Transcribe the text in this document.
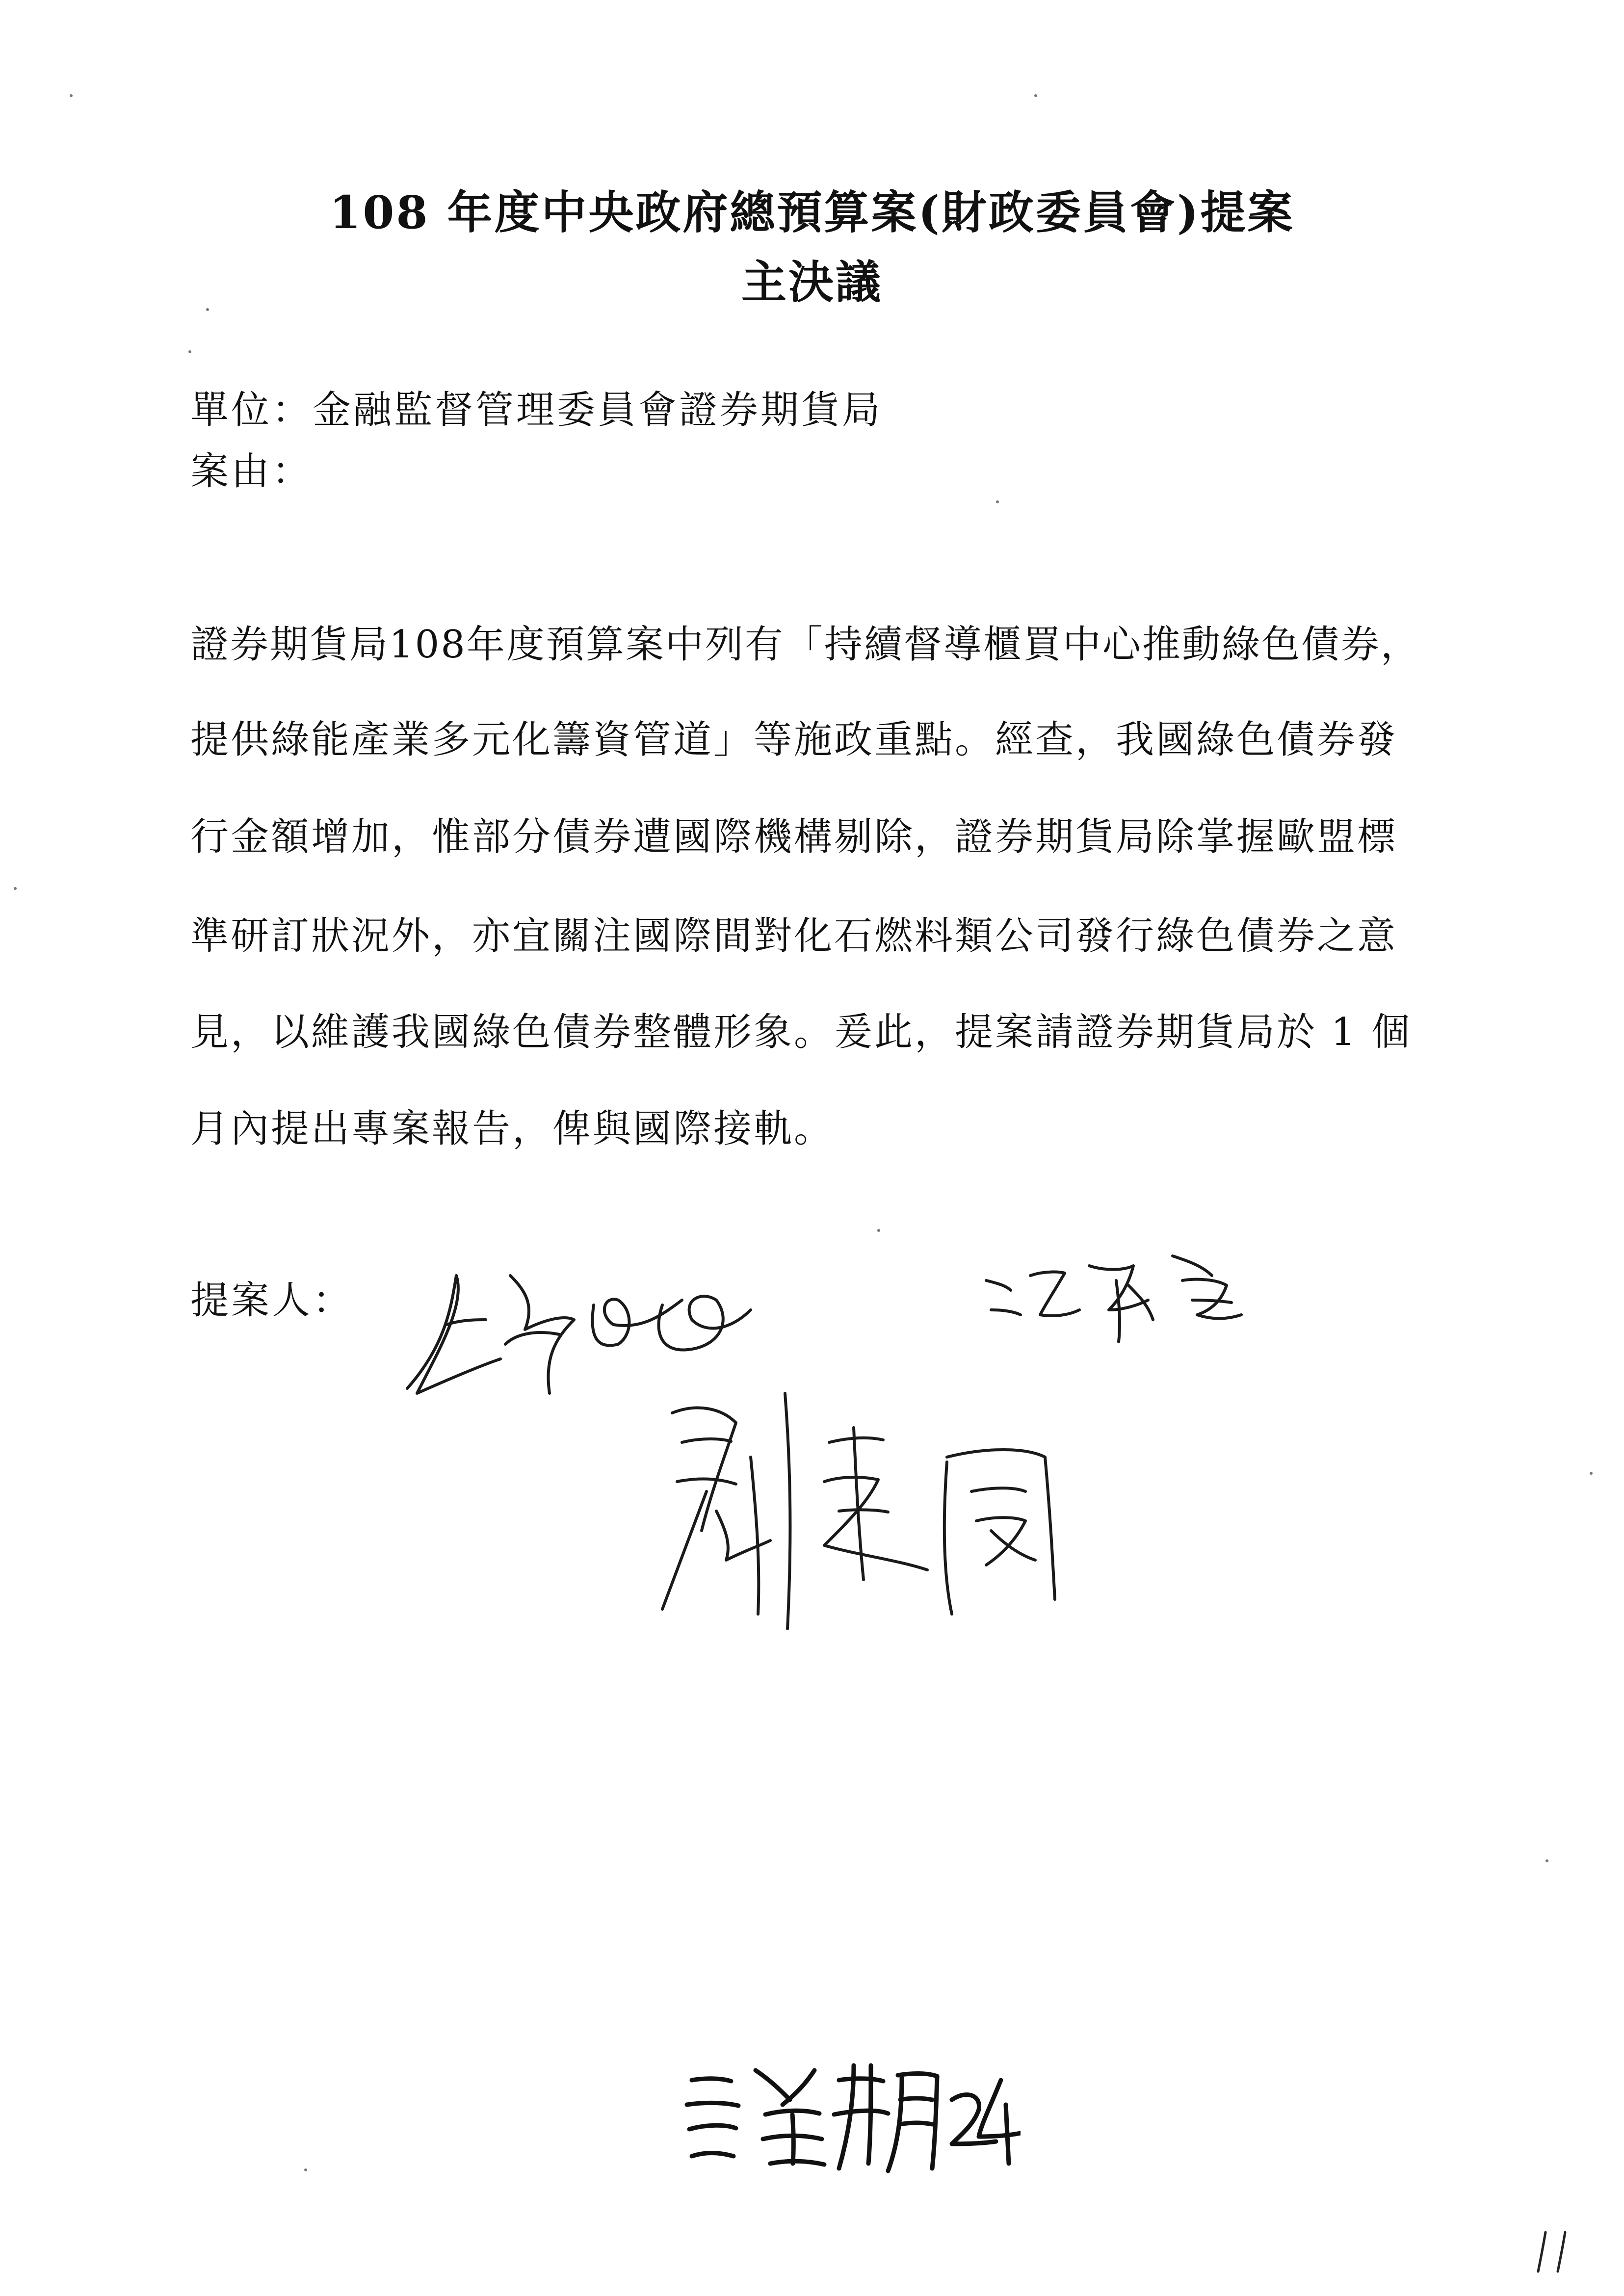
108 年度中央政府總預算案(財政委員會)提案
主決議
單位：金融監督管理委員會證券期貨局
案由：
證券期貨局108年度預算案中列有「持續督導櫃買中心推動綠色債券，
提供綠能產業多元化籌資管道」等施政重點。經查，我國綠色債券發
行金額增加，惟部分債券遭國際機構剔除，證券期貨局除掌握歐盟標
準研訂狀況外，亦宜關注國際間對化石燃料類公司發行綠色債券之意
見，以維護我國綠色債券整體形象。爰此，提案請證券期貨局於 1 個
月內提出專案報告，俾與國際接軌。
提案人：
